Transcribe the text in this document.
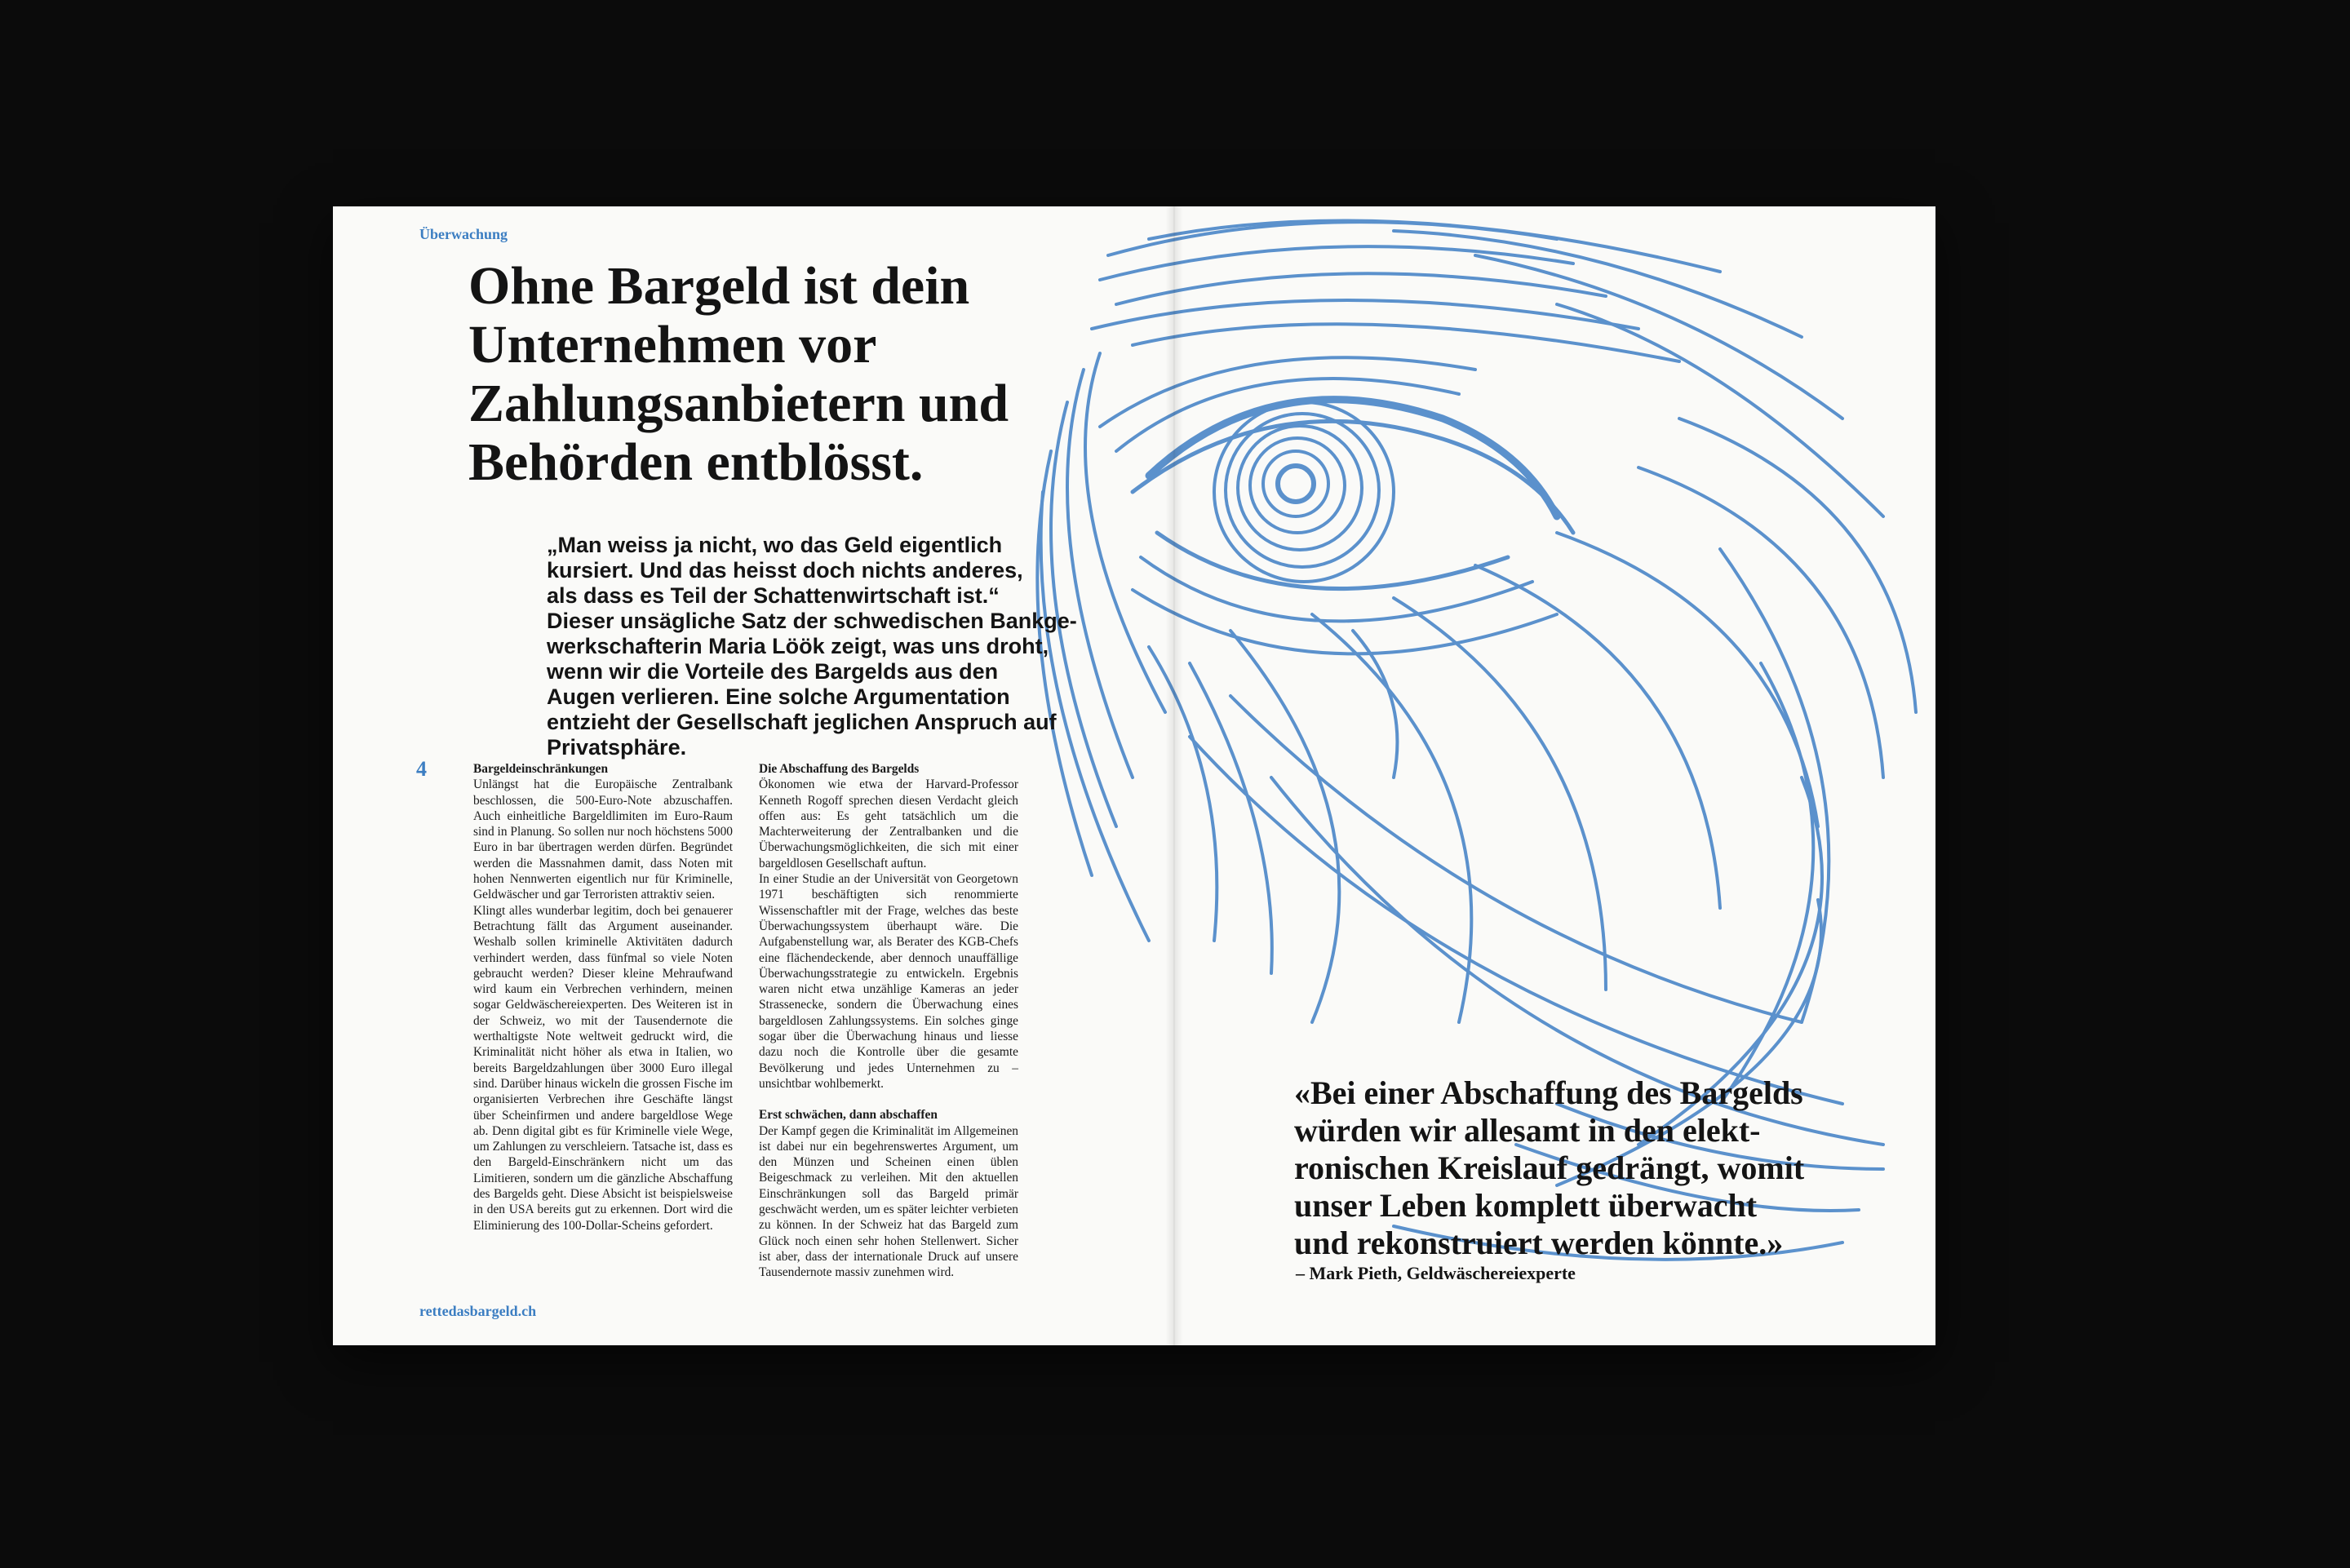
Überwachung
Ohne Bargeld ist dein Unternehmen vor Zahlungsanbietern und Behörden entblösst.
„Man weiss ja nicht, wo das Geld eigentlich
kursiert. Und das heisst doch nichts anderes,
als dass es Teil der Schattenwirtschaft ist.“
Dieser unsägliche Satz der schwedischen Bankge-
werkschafterin Maria Löök zeigt, was uns droht,
wenn wir die Vorteile des Bargelds aus den
Augen verlieren. Eine solche Argumentation
entzieht der Gesellschaft jeglichen Anspruch auf
Privatsphäre.
4	Bargeldeinschränkungen

Unlängst hat die Europäische Zentralbank beschlossen, die 500-Euro-Note abzuschaffen. Auch einheitliche Bargeldlimiten im Euro-Raum sind in Planung. So sollen nur noch höchstens 5000 Euro in bar übertragen werden dürfen. Begründet werden die Massnahmen damit, dass Noten mit hohen Nennwerten eigentlich nur für Kriminelle, Geldwäscher und gar Terroristen attraktiv seien.

Klingt alles wunderbar legitim, doch bei genauerer Betrachtung fällt das Argument auseinander. Weshalb sollen kriminelle Aktivitäten dadurch verhindert werden, dass fünfmal so viele Noten gebraucht werden? Dieser kleine Mehraufwand wird kaum ein Verbrechen verhindern, meinen sogar Geldwäschereiexperten. Des Weiteren ist in der Schweiz, wo mit der Tausendernote die werthaltigste Note weltweit gedruckt wird, die Kriminalität nicht höher als etwa in Italien, wo bereits Bargeldzahlungen über 3000 Euro illegal sind. Darüber hinaus wickeln die grossen Fische im organisierten Verbrechen ihre Geschäfte längst über Scheinfirmen und andere bargeldlose Wege ab. Denn digital gibt es für Kriminelle viele Wege, um Zahlungen zu verschleiern. Tatsache ist, dass es den Bargeld-Einschränkern nicht um das Limitieren, sondern um die gänzliche Abschaffung des Bargelds geht. Diese Absicht ist beispielsweise in den USA bereits gut zu erkennen. Dort wird die Eliminierung des 100-Dollar-Scheins gefordert.

Die Abschaffung des Bargelds

Ökonomen wie etwa der Harvard-Professor Kenneth Rogoff sprechen diesen Verdacht gleich offen aus: Es geht tatsächlich um die Machterweiterung der Zentralbanken und die Überwachungsmöglichkeiten, die sich mit einer bargeldlosen Gesellschaft auftun.

In einer Studie an der Universität von Georgetown 1971 beschäftigten sich renommierte Wissenschaftler mit der Frage, welches das beste Überwachungssystem überhaupt wäre. Die Aufgabenstellung war, als Berater des KGB-Chefs eine flächendeckende, aber dennoch unauffällige Überwachungsstrategie zu entwickeln. Ergebnis waren nicht etwa unzählige Kameras an jeder Strassenecke, sondern die Überwachung eines bargeldlosen Zahlungssystems. Ein solches ginge sogar über die Überwachung hinaus und liesse dazu noch die Kontrolle über die gesamte Bevölkerung und jedes Unternehmen zu – unsichtbar wohlbemerkt.

Erst schwächen, dann abschaffen

Der Kampf gegen die Kriminalität im Allgemeinen ist dabei nur ein begehrenswertes Argument, um den Münzen und Scheinen einen üblen Beigeschmack zu verleihen. Mit den aktuellen Einschränkungen soll das Bargeld primär geschwächt werden, um es später leichter verbieten zu können. In der Schweiz hat das Bargeld zum Glück noch einen sehr hohen Stellenwert. Sicher ist aber, dass der internationale Druck auf unsere Tausendernote massiv zunehmen wird.

rettedasbargeld.ch
«Bei einer Abschaffung des Bargelds
würden wir allesamt in den elekt-
ronischen Kreislauf gedrängt, womit
unser Leben komplett überwacht
und rekonstruiert werden könnte.»
– Mark Pieth, Geldwäschereiexperte
